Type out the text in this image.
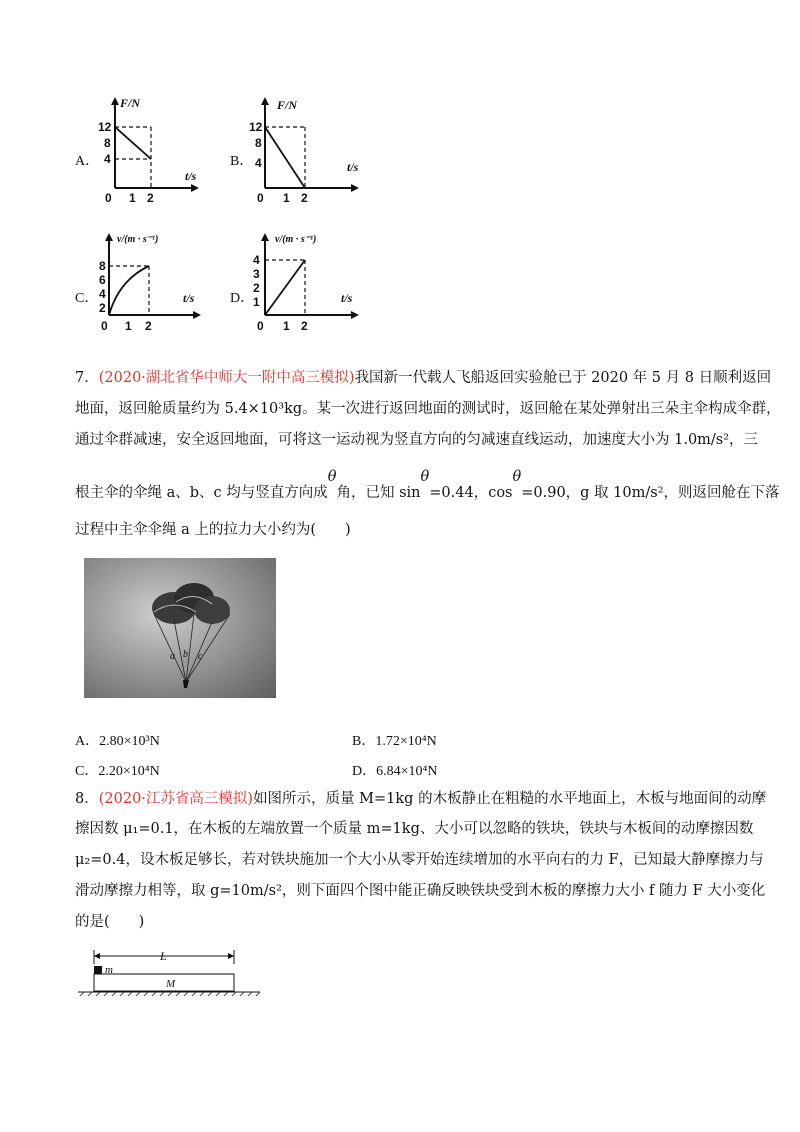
A．
F/N
t/s
12
8
4
0 1 2
B．
F/N
t/s
12
8
4
0 1 2
C．
v/(m · s⁻¹)
t/s
8
6
4
2
0 1 2
D．
v/(m · s⁻¹)
t/s
4
3
2
1
0 1 2
7．(2020·湖北省华中师大一附中高三模拟)我国新一代载人飞船返回实验舱已于 2020 年 5 月 8 日顺利返回
地面，返回舱质量约为 5.4×10³kg。某一次进行返回地面的测试时，返回舱在某处弹射出三朵主伞构成伞群，
通过伞群减速，安全返回地面，可将这一运动视为竖直方向的匀减速直线运动，加速度大小为 1.0m/s²，三
根主伞的伞绳 a、b、c 均与竖直方向成θ角，已知 sinθ=0.44，cosθ=0.90，g 取 10m/s²，则返回舱在下落
过程中主伞伞绳 a 上的拉力大小约为(　　)
a b c
A．2.80×10³N	B．1.72×10⁴N
C．2.20×10⁴N	D．6.84×10⁴N
8．(2020·江苏省高三模拟)如图所示，质量 M=1kg 的木板静止在粗糙的水平地面上，木板与地面间的动摩
擦因数 μ₁=0.1，在木板的左端放置一个质量 m=1kg、大小可以忽略的铁块，铁块与木板间的动摩擦因数
μ₂=0.4，设木板足够长，若对铁块施加一个大小从零开始连续增加的水平向右的力 F，已知最大静摩擦力与
滑动摩擦力相等，取 g=10m/s²，则下面四个图中能正确反映铁块受到木板的摩擦力大小 f 随力 F 大小变化
的是(　　)
L
m
M
